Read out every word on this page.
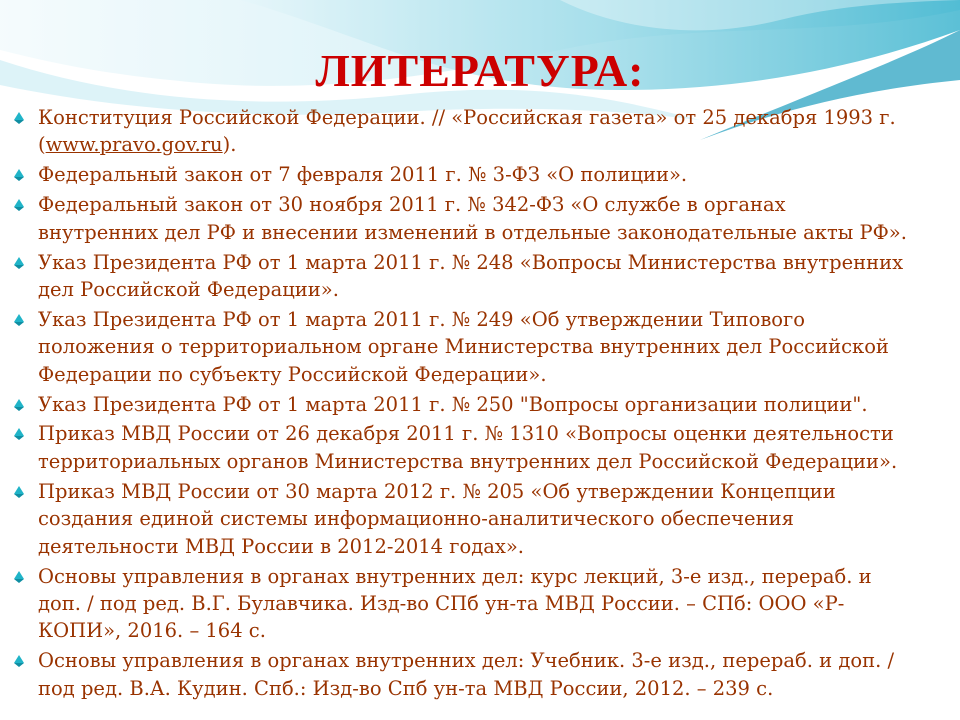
ЛИТЕРАТУРА:
Конституция Российской Федерации. // «Российская газета» от 25 декабря 1993 г. (www.pravo.gov.ru).
Федеральный закон от 7 февраля 2011 г. № 3-ФЗ «О полиции».
Федеральный закон от 30 ноября 2011 г. № 342-ФЗ «О службе в органах внутренних дел РФ и внесении изменений в отдельные законодательные акты РФ».
Указ Президента РФ от 1 марта 2011 г. № 248 «Вопросы Министерства внутренних дел Российской Федерации».
Указ Президента РФ от 1 марта 2011 г. № 249 «Об утверждении Типового положения о территориальном органе Министерства внутренних дел Российской Федерации по субъекту Российской Федерации».
Указ Президента РФ от 1 марта 2011 г. № 250 "Вопросы организации полиции".
Приказ МВД России от 26 декабря 2011 г. № 1310 «Вопросы оценки деятельности территориальных органов Министерства внутренних дел Российской Федерации».
Приказ МВД России от 30 марта 2012 г. № 205 «Об утверждении Концепции создания единой системы информационно-аналитического обеспечения деятельности МВД России в 2012-2014 годах».
Основы управления в органах внутренних дел: курс лекций, 3-е изд., перераб. и доп. / под ред. В.Г. Булавчика. Изд-во СПб ун-та МВД России. – СПб: ООО «Р-КОПИ», 2016. – 164 с.
Основы управления в органах внутренних дел: Учебник. 3-е изд., перераб. и доп. / под ред. В.А. Кудин. Спб.: Изд-во Спб ун-та МВД России, 2012. – 239 с.
